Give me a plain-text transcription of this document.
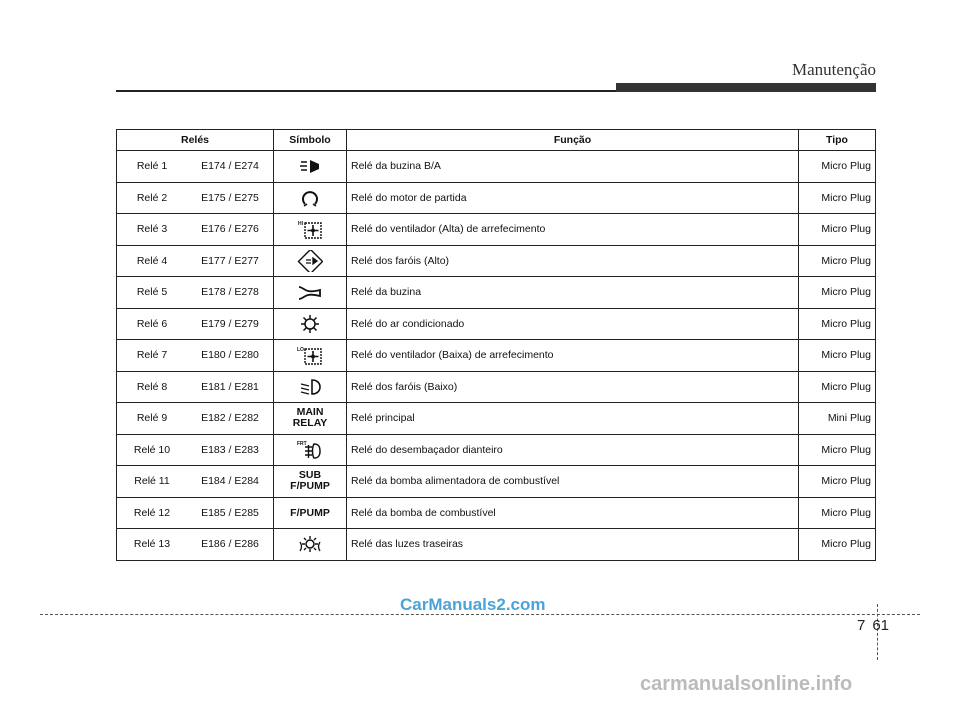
Manutenção
Relés		Símbolo	Função	Tipo
Relé 1	E174 / E274		Relé da buzina B/A	Micro Plug
Relé 2	E175 / E275		Relé do motor de partida	Micro Plug
Relé 3	E176 / E276	HI	Relé do ventilador (Alta) de arrefecimento	Micro Plug
Relé 4	E177 / E277		Relé dos faróis (Alto)	Micro Plug
Relé 5	E178 / E278		Relé da buzina	Micro Plug
Relé 6	E179 / E279		Relé do ar condicionado	Micro Plug
Relé 7	E180 / E280	LO	Relé do ventilador (Baixa) de arrefecimento	Micro Plug
Relé 8	E181 / E281		Relé dos faróis (Baixo)	Micro Plug
Relé 9	E182 / E282	MAIN
RELAY	Relé principal	Mini Plug
Relé 10	E183 / E283	FRT	Relé do desembaçador dianteiro	Micro Plug
Relé 11	E184 / E284	SUB
F/PUMP	Relé da bomba alimentadora de combustível	Micro Plug
Relé 12	E185 / E285	F/PUMP	Relé da bomba de combustível	Micro Plug
Relé 13	E186 / E286		Relé das luzes traseiras	Micro Plug
7 61
CarManuals2.com
carmanualsonline.info
